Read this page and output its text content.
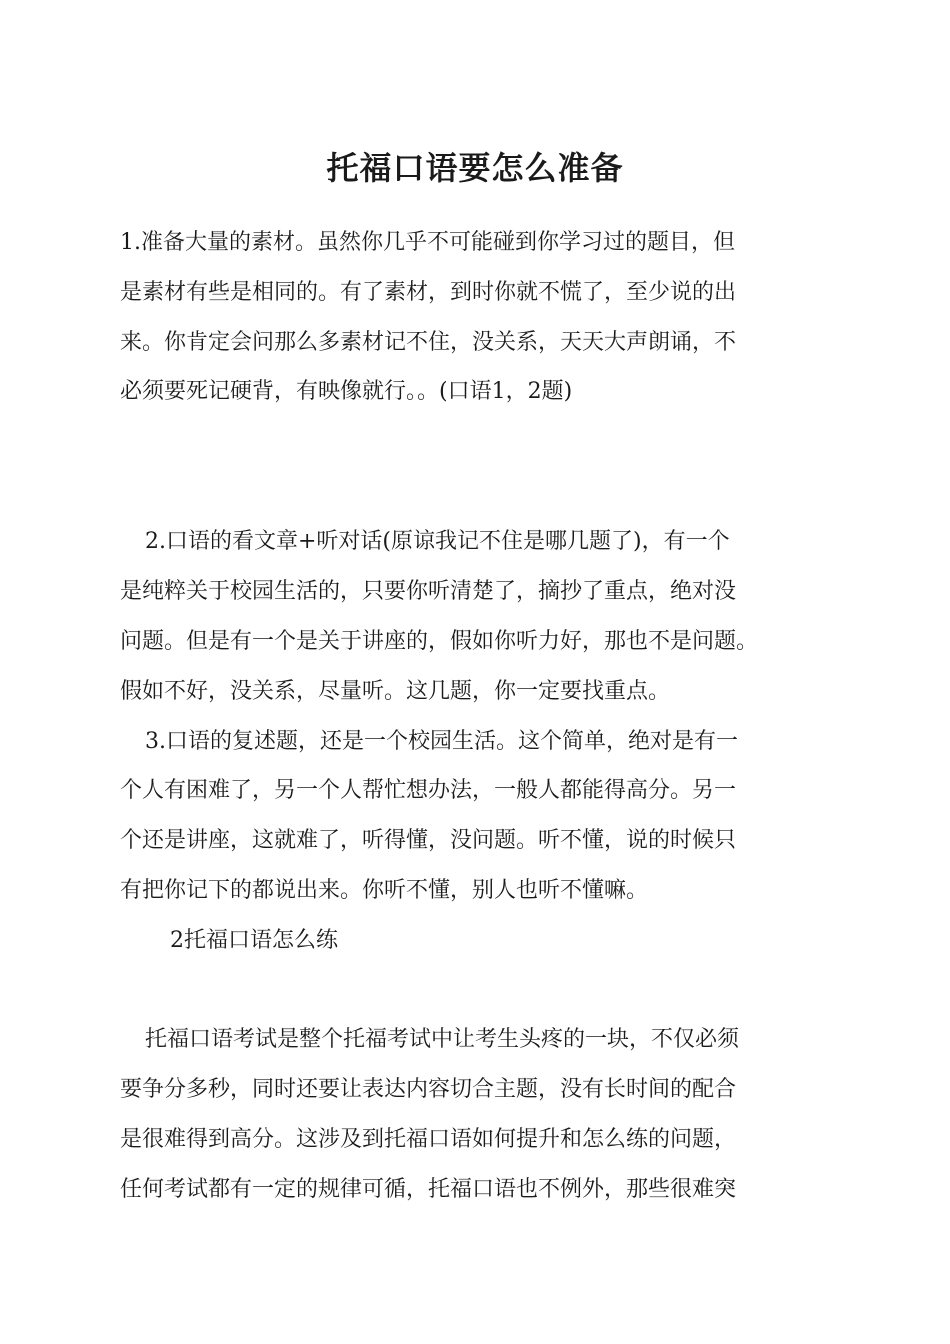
托福口语要怎么准备

1.准备大量的素材。虽然你几乎不可能碰到你学习过的题目，但

是素材有些是相同的。有了素材，到时你就不慌了，至少说的出

来。你肯定会问那么多素材记不住，没关系，天天大声朗诵，不

必须要死记硬背，有映像就行。。(口语1，2题)

2.口语的看文章+听对话(原谅我记不住是哪几题了)，有一个

是纯粹关于校园生活的，只要你听清楚了，摘抄了重点，绝对没

问题。但是有一个是关于讲座的，假如你听力好，那也不是问题。

假如不好，没关系，尽量听。这几题，你一定要找重点。

3.口语的复述题，还是一个校园生活。这个简单，绝对是有一

个人有困难了，另一个人帮忙想办法，一般人都能得高分。另一

个还是讲座，这就难了，听得懂，没问题。听不懂，说的时候只

有把你记下的都说出来。你听不懂，别人也听不懂嘛。

2托福口语怎么练

托福口语考试是整个托福考试中让考生头疼的一块，不仅必须

要争分多秒，同时还要让表达内容切合主题，没有长时间的配合

是很难得到高分。这涉及到托福口语如何提升和怎么练的问题，

任何考试都有一定的规律可循，托福口语也不例外，那些很难突
